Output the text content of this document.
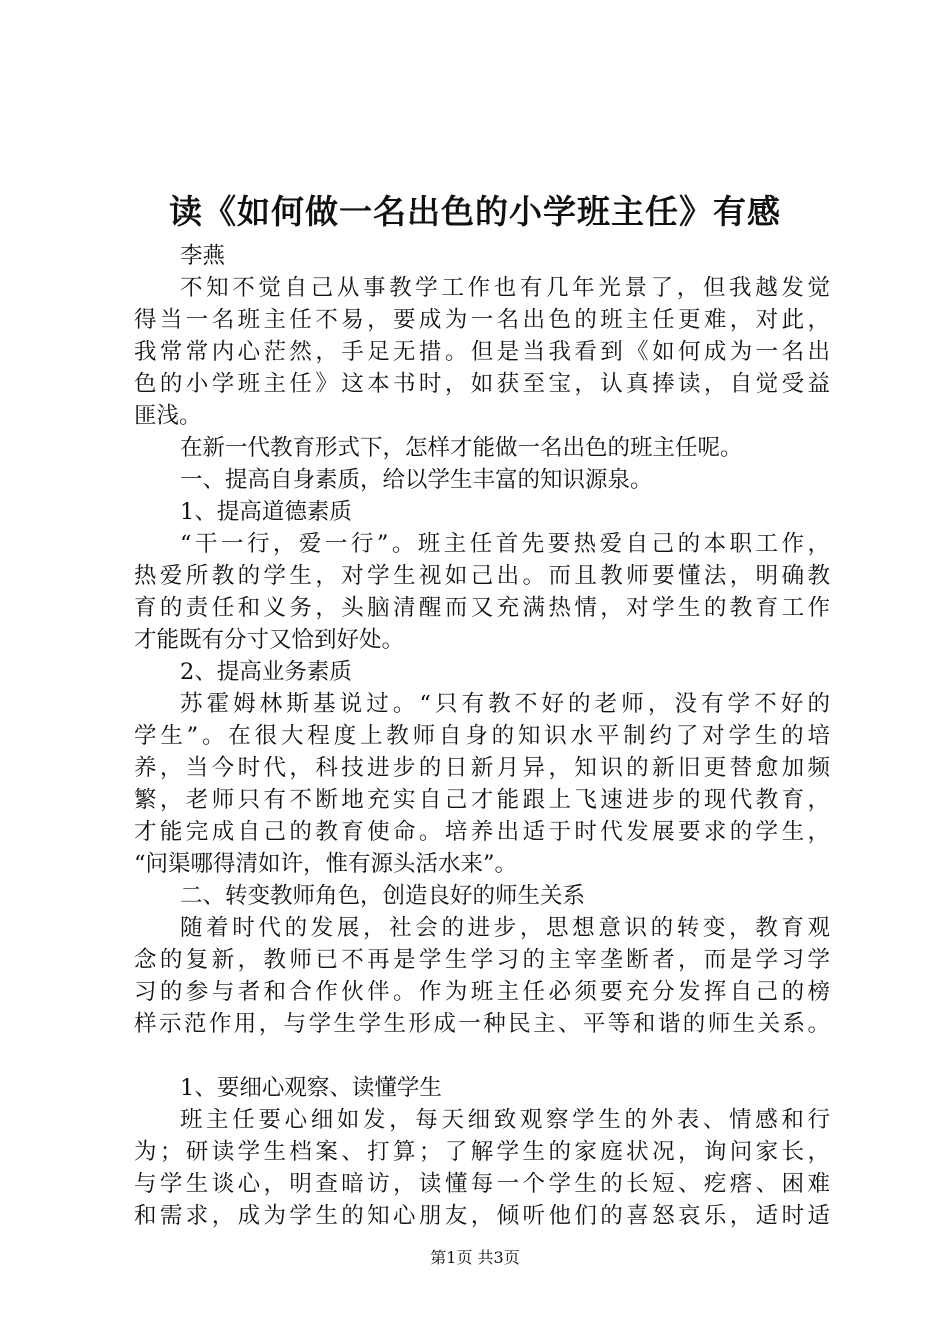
读《如何做一名出色的小学班主任》有感
李燕
不知不觉自己从事教学工作也有几年光景了，但我越发觉
得当一名班主任不易，要成为一名出色的班主任更难，对此，
我常常内心茫然，手足无措。但是当我看到《如何成为一名出
色的小学班主任》这本书时，如获至宝，认真捧读，自觉受益
匪浅。
在新一代教育形式下，怎样才能做一名出色的班主任呢。
一、提高自身素质，给以学生丰富的知识源泉。
1、提高道德素质
“干一行，爱一行”。班主任首先要热爱自己的本职工作，
热爱所教的学生，对学生视如己出。而且教师要懂法，明确教
育的责任和义务，头脑清醒而又充满热情，对学生的教育工作
才能既有分寸又恰到好处。
2、提高业务素质
苏霍姆林斯基说过。“只有教不好的老师，没有学不好的
学生”。在很大程度上教师自身的知识水平制约了对学生的培
养，当今时代，科技进步的日新月异，知识的新旧更替愈加频
繁，老师只有不断地充实自己才能跟上飞速进步的现代教育，
才能完成自己的教育使命。培养出适于时代发展要求的学生，
“问渠哪得清如许，惟有源头活水来”。
二、转变教师角色，创造良好的师生关系
随着时代的发展，社会的进步，思想意识的转变，教育观
念的复新，教师已不再是学生学习的主宰垄断者，而是学习学
习的参与者和合作伙伴。作为班主任必须要充分发挥自己的榜
样示范作用，与学生学生形成一种民主、平等和谐的师生关系。
1、要细心观察、读懂学生
班主任要心细如发，每天细致观察学生的外表、情感和行
为；研读学生档案、打算；了解学生的家庭状况，询问家长，
与学生谈心，明查暗访，读懂每一个学生的长短、疙瘩、困难
和需求，成为学生的知心朋友，倾听他们的喜怒哀乐，适时适
第1页 共3页
